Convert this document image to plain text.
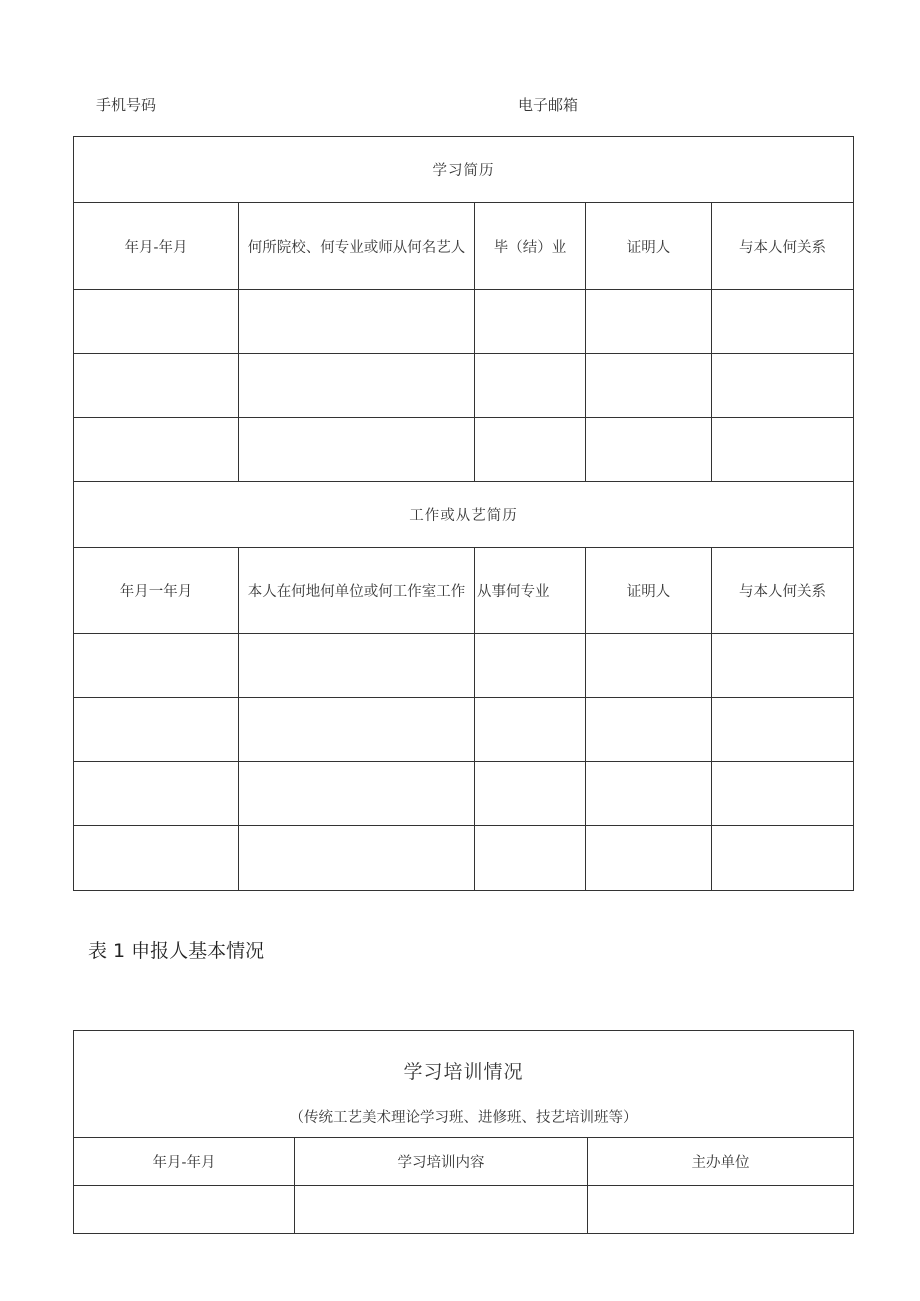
手机号码	电子邮箱
学习简历				
年月-年月	何所院校、何专业或师从何名艺人	毕（结）业	证明人	与本人何关系

工作或从艺简历				
年月一年月	本人在何地何单位或何工作室工作	从事何专业	证明人	与本人何关系

表 1 申报人基本情况
学习培训情况
（传统工艺美术理论学习班、进修班、技艺培训班等）		

年月-年月	学习培训内容	主办单位
